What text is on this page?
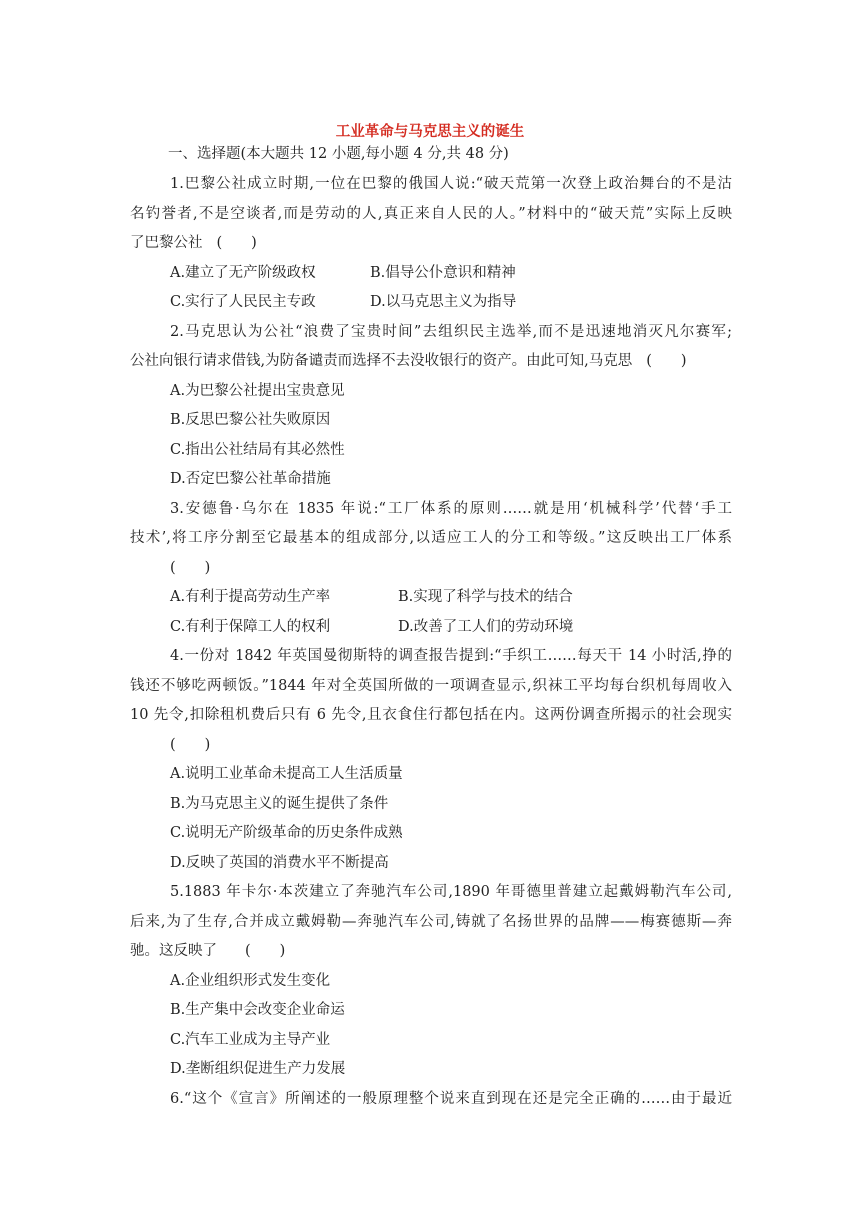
工业革命与马克思主义的诞生
一、选择题(本大题共 12 小题,每小题 4 分,共 48 分)
1.巴黎公社成立时期,一位在巴黎的俄国人说:“破天荒第一次登上政治舞台的不是沽
名钓誉者,不是空谈者,而是劳动的人,真正来自人民的人。”材料中的“破天荒”实际上反映
了巴黎公社 (　　)
A.建立了无产阶级政权	B.倡导公仆意识和精神
C.实行了人民民主专政	D.以马克思主义为指导
2.马克思认为公社“浪费了宝贵时间”去组织民主选举,而不是迅速地消灭凡尔赛军;
公社向银行请求借钱,为防备谴责而选择不去没收银行的资产。由此可知,马克思 (　　)
A.为巴黎公社提出宝贵意见
B.反思巴黎公社失败原因
C.指出公社结局有其必然性
D.否定巴黎公社革命措施
3.安德鲁·乌尔在 1835 年说:“工厂体系的原则……就是用‘机械科学’代替‘手工
技术’,将工序分割至它最基本的组成部分,以适应工人的分工和等级。”这反映出工厂体系
(　　)
A.有利于提高劳动生产率	B.实现了科学与技术的结合
C.有利于保障工人的权利	D.改善了工人们的劳动环境
4.一份对 1842 年英国曼彻斯特的调查报告提到:“手织工……每天干 14 小时活,挣的
钱还不够吃两顿饭。”1844 年对全英国所做的一项调查显示,织袜工平均每台织机每周收入
10 先令,扣除租机费后只有 6 先令,且衣食住行都包括在内。这两份调查所揭示的社会现实
(　　)
A.说明工业革命未提高工人生活质量
B.为马克思主义的诞生提供了条件
C.说明无产阶级革命的历史条件成熟
D.反映了英国的消费水平不断提高
5.1883 年卡尔·本茨建立了奔驰汽车公司,1890 年哥德里普建立起戴姆勒汽车公司,
后来,为了生存,合并成立戴姆勒—奔驰汽车公司,铸就了名扬世界的品牌——梅赛德斯—奔
驰。这反映了 (　　)
A.企业组织形式发生变化
B.生产集中会改变企业命运
C.汽车工业成为主导产业
D.垄断组织促进生产力发展
6.“这个《宣言》所阐述的一般原理整个说来直到现在还是完全正确的……由于最近
